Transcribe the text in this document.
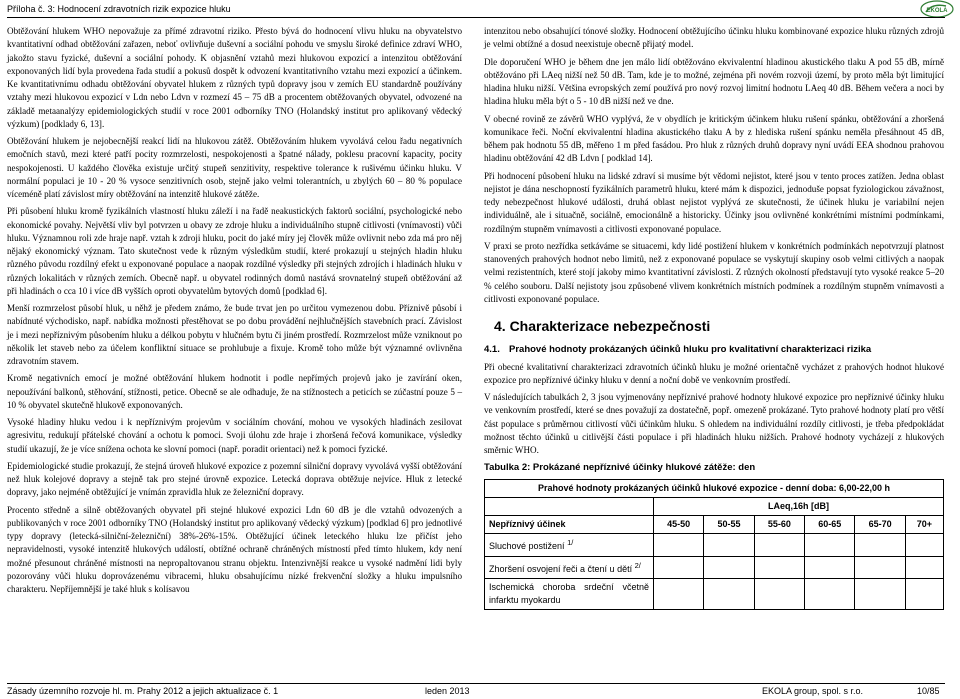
Příloha č. 3: Hodnocení zdravotních rizik expozice hluku	EKOLA

Obtěžování hlukem WHO nepovažuje za přímé zdravotní riziko. Přesto bývá do hodnocení vlivu hluku na obyvatelstvo kvantitativní odhad obtěžování zařazen, neboť ovlivňuje duševní a sociální pohodu ve smyslu široké definice zdraví WHO, jakožto stavu fyzické, duševní a sociální pohody. K objasnění vztahů mezi hlukovou expozicí a intenzitou obtěžování exponovaných lidí byla provedena řada studií a pokusů dospět k odvození kvantitativního vztahu mezi expozicí a účinkem. Ke kvantitativnímu odhadu obtěžování obyvatel hlukem z různých typů dopravy jsou v zemích EU standardně používány vztahy mezi hlukovou expozicí v Ldn nebo Ldvn v rozmezí 45 – 75 dB a procentem obtěžovaných obyvatel, odvozené na základě metaanalýzy epidemiologických studií v roce 2001 odborníky TNO (Holandský institut pro aplikovaný vědecký výzkum) [podklady 6, 13].

Obtěžování hlukem je nejobecnější reakcí lidí na hlukovou zátěž. Obtěžováním hlukem vyvolává celou řadu negativních emočních stavů, mezi které patří pocity rozmrzelosti, nespokojenosti a špatné nálady, poklesu pracovní kapacity, pocity nespokojenosti. U každého člověka existuje určitý stupeň senzitivity, respektive tolerance k rušivému účinku hluku. V normální populaci je 10 - 20 % vysoce senzitivních osob, stejně jako velmi tolerantních, u zbylých 60 – 80 % populace víceméně platí závislost míry obtěžování na intenzitě hlukové zátěže.

Při působení hluku kromě fyzikálních vlastností hluku záleží i na řadě neakustických faktorů sociální, psychologické nebo ekonomické povahy. Největší vliv byl potvrzen u obavy ze zdroje hluku a individuálního stupně citlivosti (vnímavosti) vůči hluku. Významnou roli zde hraje např. vztah k zdroji hluku, pocit do jaké míry jej člověk může ovlivnit nebo zda má pro něj nějaký ekonomický význam. Tato skutečnost vede k různým výsledkům studií, které prokazují u stejných hladin hluku různého původu rozdílný efekt u exponované populace a naopak rozdílné výsledky při stejných zdrojích i hladinách hluku v různých lokalitách v různých zemích. Obecně např. u obyvatel rodinných domů nastává srovnatelný stupeň obtěžování až při hladinách o cca 10 i více dB vyšších oproti obyvatelům bytových domů [podklad 6].

Menší rozmrzelost působí hluk, u něhž je předem známo, že bude trvat jen po určitou vymezenou dobu. Příznivě působí i nabídnuté východisko, např. nabídka možnosti přestěhovat se po dobu provádění nejhlučnějších stavebních prací. Závislost je i mezi nepříznivým působením hluku a délkou pobytu v hlučném bytu či jiném prostředí. Rozmrzelost může vzniknout po několik let staveb nebo za účelem konfliktní situace se prohlubuje a fixuje. Kromě toho může být významné ovlivněna zdravotním stavem.

Kromě negativních emocí je možné obtěžování hlukem hodnotit i podle nepřímých projevů jako je zavírání oken, nepoužívání balkonů, stěhování, stížnosti, petice. Obecně se ale odhaduje, že na stížnostech a peticích se zúčastní pouze 5 – 10 % obyvatel skutečně hlukově exponovaných.

Vysoké hladiny hluku vedou i k nepříznivým projevům v sociálním chování, mohou ve vysokých hladinách zesilovat agresivitu, redukují přátelské chování a ochotu k pomoci. Svoji úlohu zde hraje i zhoršená řečová komunikace, výsledky studií ukazují, že je více snížena ochota ke slovní pomoci (např. poradit orientaci) než k pomoci fyzické.

Epidemiologické studie prokazují, že stejná úroveň hlukové expozice z pozemní silniční dopravy vyvolává vyšší obtěžování než hluk kolejové dopravy a stejně tak pro stejné úrovně expozice. Letecká doprava obtěžuje nejvíce. Hluk z letecké dopravy, jako nejméně obtěžující je vnímán zpravidla hluk ze železniční dopravy.

Procento středně a silně obtěžovaných obyvatel při stejné hlukové expozici Ldn 60 dB je dle vztahů odvozených a publikovaných v roce 2001 odborníky TNO (Holandský institut pro aplikovaný vědecký výzkum) [podklad 6] pro jednotlivé typy dopravy (letecká-silniční-železniční) 38%-26%-15%. Obtěžující účinek leteckého hluku lze přičíst jeho nepravidelnosti, vysoké intenzitě hlukových událostí, obtížné ochraně chráněných místností před tímto hlukem, kdy není možné přesunout chráněné místnosti na nepropaltovanou stranu objektu. Intenzivnější reakce u vysoké nadmění lidi byly pozorovány vůči hluku doprovázenému vibracemi, hluku obsahujícímu nízké frekvenční složky a hluku impulsního charakteru. Nepříjemnější je také hluk s kolísavou

intenzitou nebo obsahující tónové složky. Hodnocení obtěžujícího účinku hluku kombinované expozice hluku různých zdrojů je velmi obtížné a dosud neexistuje obecně přijatý model.

Dle doporučení WHO je během dne jen málo lidí obtěžováno ekvivalentní hladinou akustického tlaku A pod 55 dB, mírně obtěžováno při LAeq nižší než 50 dB. Tam, kde je to možné, zejména při novém rozvoji území, by proto měla být limitující hladina hluku nižší. Většina evropských zemí používá pro nový rozvoj limitní hodnotu LAeq 40 dB. Během večera a noci by hladina hluku měla být o 5 - 10 dB nižší než ve dne.

V obecné rovině ze závěrů WHO vyplývá, že v obydlích je kritickým účinkem hluku rušení spánku, obtěžování a zhoršená komunikace řeči. Noční ekvivalentní hladina akustického tlaku A by z hlediska rušení spánku neměla přesáhnout 45 dB, během pak hodnotu 55 dB, měřeno 1 m před fasádou. Pro hluk z různých druhů dopravy nyní uvádí EEA shodnou prahovou hladinu obtěžování 42 dB Ldvn [ podklad 14].

Při hodnocení působení hluku na lidské zdraví si musíme být vědomi nejistot, které jsou v tento proces zatížen. Jedna oblast nejistot je dána neschopností fyzikálních parametrů hluku, které mám k dispozici, jednoduše popsat fyziologickou závažnost, tedy nebezpečnost hlukové události, druhá oblast nejistot vyplývá ze skutečnosti, že účinek hluku je variabilní nejen individuálně, ale i situačně, sociálně, emocionálně a historicky. Účinky jsou ovlivněné konkrétními místními podmínkami, rozdílným stupněm vnímavosti a citlivosti exponované populace.

V praxi se proto nezřídka setkáváme se situacemi, kdy lidé postižení hlukem v konkrétních podmínkách nepotvrzují platnost stanovených prahových hodnot nebo limitů, než z exponované populace se vyskytují skupiny osob velmi citlivých a naopak velmi rezistentních, které stojí jakoby mimo kvantitativní závislosti. Z různých okolností představují tyto vysoké reakce 5–20 % celého souboru. Další nejistoty jsou způsobené vlivem konkrétních místních podmínek a rozdílným stupněm vnímavosti a citlivosti exponované populace.

4. Charakterizace nebezpečnosti
4.1. Prahové hodnoty prokázaných účinků hluku pro kvalitativní charakterizaci rizika

Při obecné kvalitativní charakterizaci zdravotních účinků hluku je možné orientačně vycházet z prahových hodnot hlukové expozice pro nepříznivé účinky hluku v denní a noční době ve venkovním prostředí.

V následujících tabulkách 2, 3 jsou vyjmenovány nepříznivé prahové hodnoty hlukové expozice pro nepříznivé účinky hluku ve venkovním prostředí, které se dnes považují za dostatečně, popř. omezeně prokázané. Tyto prahové hodnoty platí pro větší část populace s průměrnou citlivostí vůči účinkům hluku. S ohledem na individuální rozdíly citlivosti, je třeba předpokládat možnost těchto účinků u citlivější části populace i při hladinách hluku nižších. Prahové hodnoty vycházejí z hlukových směrnic WHO.

Tabulka 2: Prokázané nepříznivé účinky hlukové zátěže: den
Prahové hodnoty prokázaných účinků hlukové expozice - denní doba: 6,00-22,00 h						
	LAeq,16h [dB]					
Nepříznivý účinek	45-50	50-55	55-60	60-65	65-70	70+
Sluchové postižení $^{1/}$						
Zhoršení osvojení řeči a čtení u dětí $^{2/}$						
Ischemická choroba srdeční včetně infarktu myokardu						
Zásady územního rozvoje hl. m. Prahy 2012 a jejich aktualizace č. 1	leden 2013	EKOLA group, spol. s r.o.	10/85
